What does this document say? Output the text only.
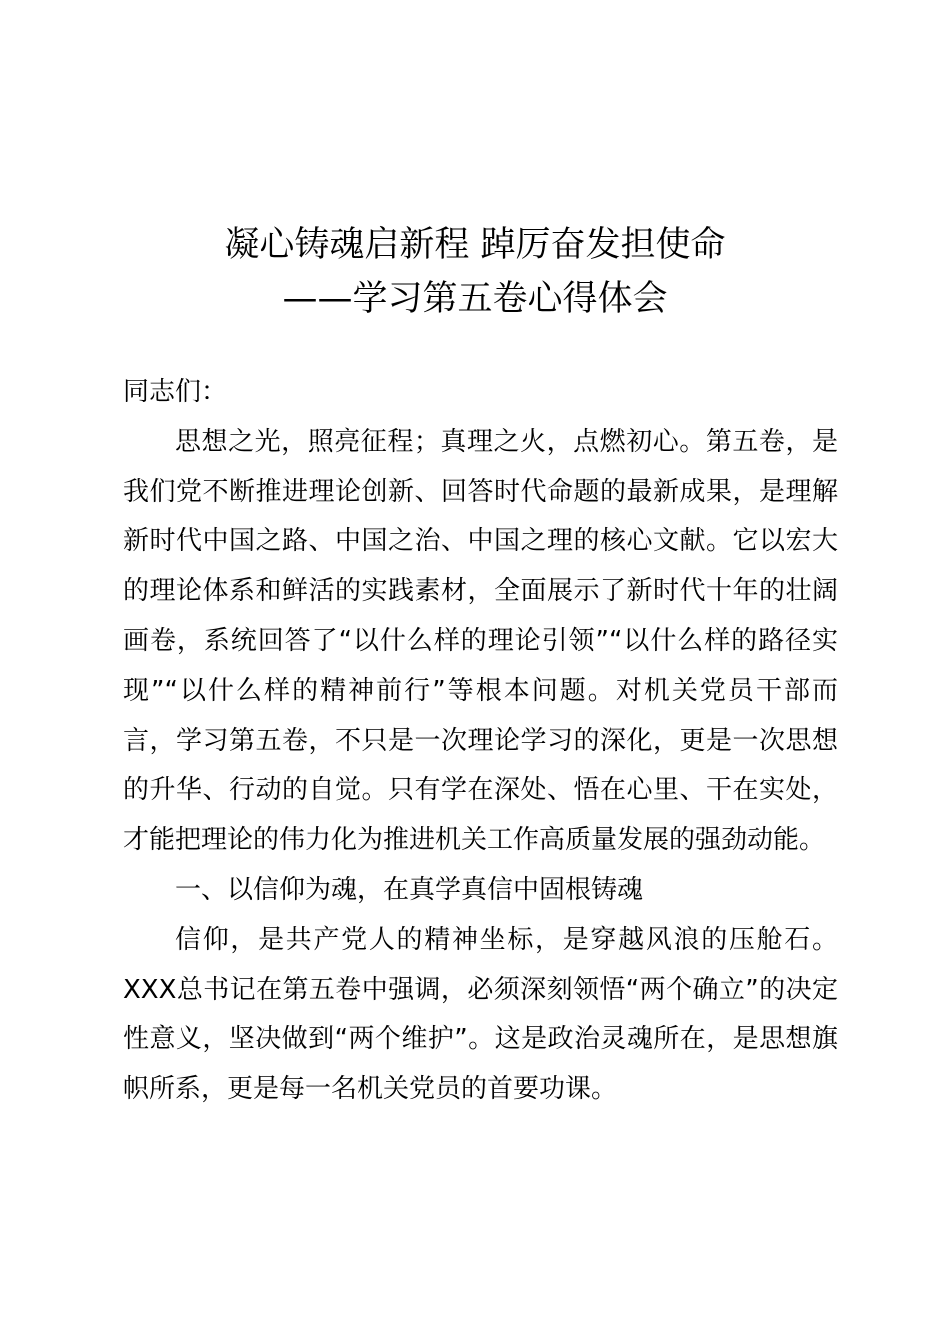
凝心铸魂启新程 踔厉奋发担使命
——学习第五卷心得体会

同志们：

思想之光，照亮征程；真理之火，点燃初心。第五卷，是我们党不断推进理论创新、回答时代命题的最新成果，是理解新时代中国之路、中国之治、中国之理的核心文献。它以宏大的理论体系和鲜活的实践素材，全面展示了新时代十年的壮阔画卷，系统回答了“以什么样的理论引领”“以什么样的路径实现”“以什么样的精神前行”等根本问题。对机关党员干部而言，学习第五卷，不只是一次理论学习的深化，更是一次思想的升华、行动的自觉。只有学在深处、悟在心里、干在实处，才能把理论的伟力化为推进机关工作高质量发展的强劲动能。

一、以信仰为魂，在真学真信中固根铸魂

信仰，是共产党人的精神坐标，是穿越风浪的压舱石。XXX总书记在第五卷中强调，必须深刻领悟“两个确立”的决定性意义，坚决做到“两个维护”。这是政治灵魂所在，是思想旗帜所系，更是每一名机关党员的首要功课。
